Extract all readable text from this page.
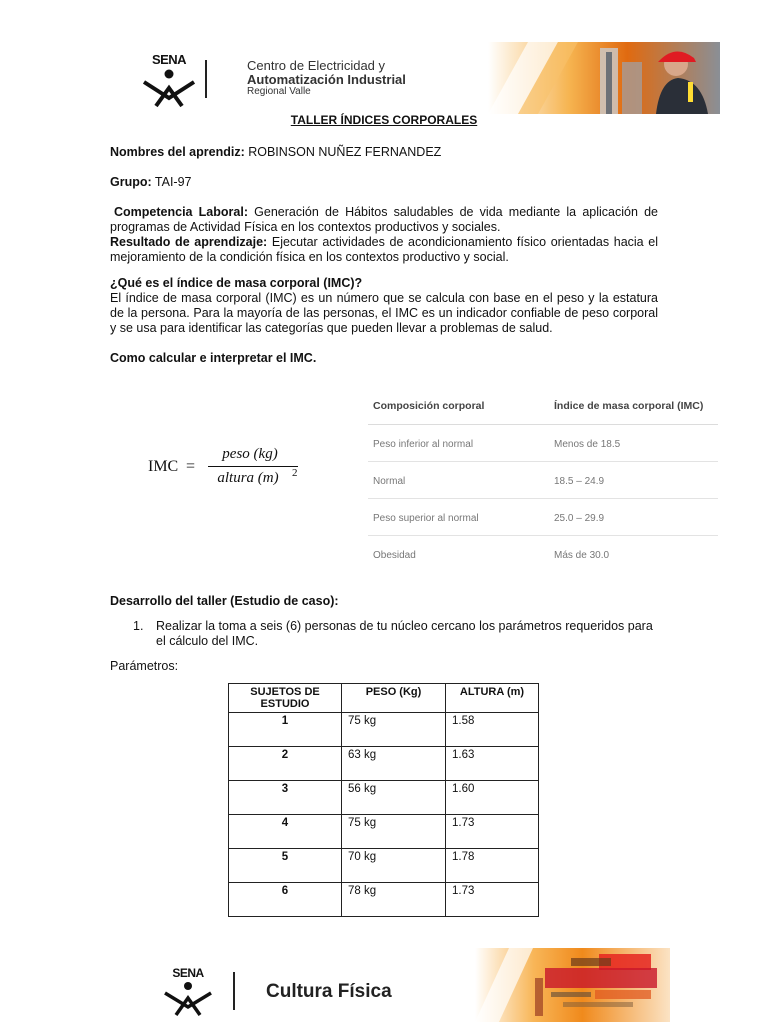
SENA	Centro de Electricidad y
Automatización Industrial
Regional Valle
TALLER ÍNDICES CORPORALES
Nombres del aprendiz: ROBINSON NUÑEZ FERNANDEZ
Grupo: TAI-97
Competencia Laboral: Generación de Hábitos saludables de vida mediante la aplicación de programas de Actividad Física en los contextos productivos y sociales.
Resultado de aprendizaje: Ejecutar actividades de acondicionamiento físico orientadas hacia el mejoramiento de la condición física en los contextos productivo y social.
¿Qué es el índice de masa corporal (IMC)?
El índice de masa corporal (IMC) es un número que se calcula con base en el peso y la estatura de la persona. Para la mayoría de las personas, el IMC es un indicador confiable de peso corporal y se usa para identificar las categorías que pueden llevar a problemas de salud.
Como calcular e interpretar el IMC.
IMC =
peso (kg)
altura (m)	2
Composición corporal	Índice de masa corporal (IMC)
Peso inferior al normal	Menos de 18.5
Normal	18.5 – 24.9
Peso superior al normal	25.0 – 29.9
Obesidad	Más de 30.0
Desarrollo del taller (Estudio de caso):
1. Realizar la toma a seis (6) personas de tu núcleo cercano los parámetros requeridos para el cálculo del IMC.
Parámetros:
SUJETOS DE ESTUDIO	PESO (Kg)	ALTURA (m)
1	75 kg	1.58
2	63 kg	1.63
3	56 kg	1.60
4	75 kg	1.73
5	70 kg	1.78
6	78 kg	1.73
SENA
Cultura Física
